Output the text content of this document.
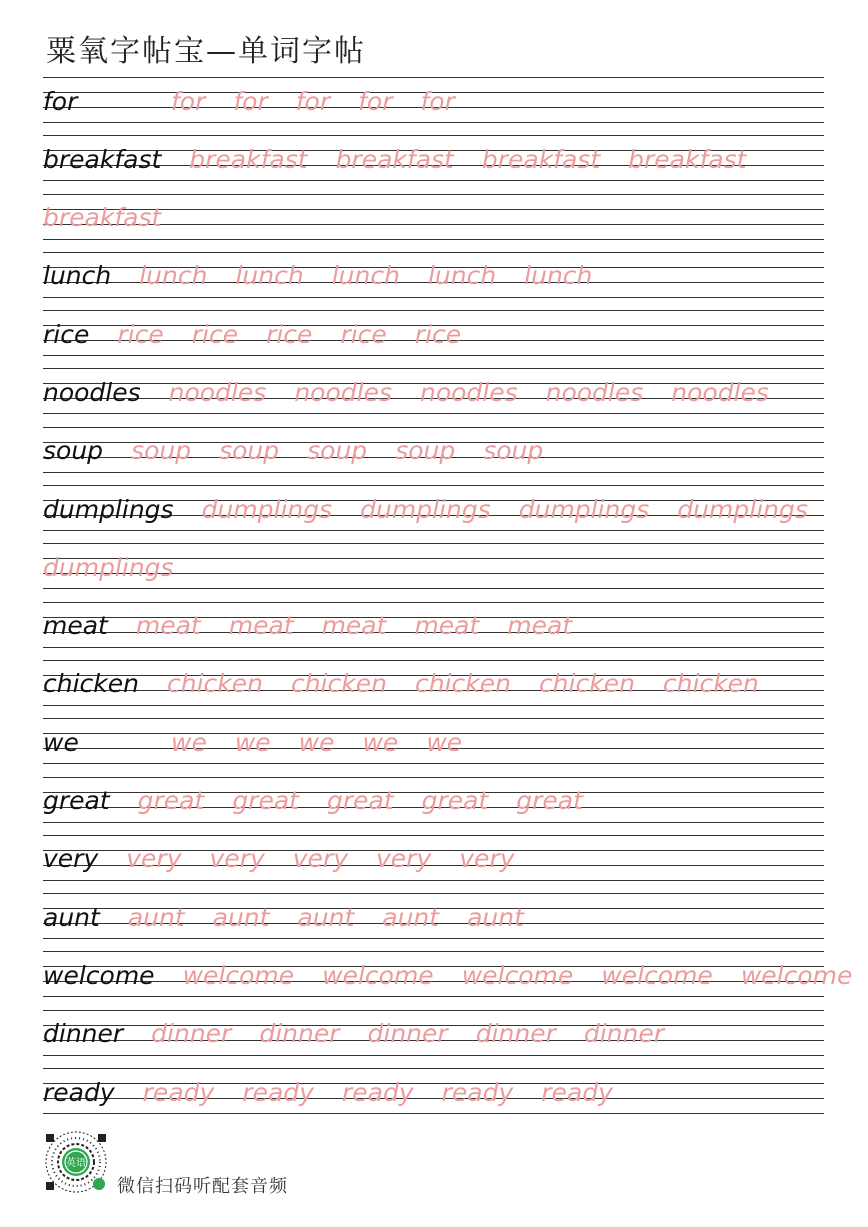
粟氧字帖宝—单词字帖
for	for for for for for
breakfast breakfast breakfast breakfast breakfast
breakfast
lunch lunch lunch lunch lunch lunch
rice rice rice rice rice rice
noodles noodles noodles noodles noodles noodles
soup soup soup soup soup soup
dumplings dumplings dumplings dumplings dumplings
dumplings
meat meat meat meat meat meat
chicken chicken chicken chicken chicken chicken
we	we we we we we
great great great great great great
very very very very very very
aunt aunt aunt aunt aunt aunt
welcome welcome welcome welcome welcome welcome
dinner dinner dinner dinner dinner dinner
ready ready ready ready ready ready
英语
微信扫码听配套音频
